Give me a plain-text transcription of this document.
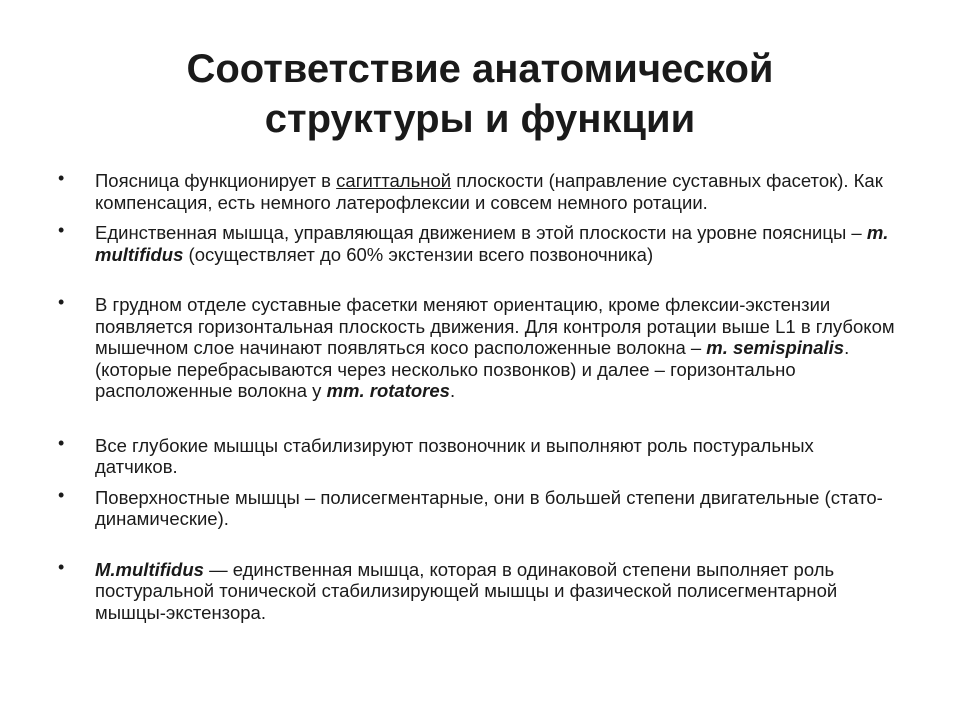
Соответствие анатомической
структуры и функции
• Поясница функционирует в сагиттальной плоскости (направление суставных фасеток). Как компенсация, есть немного латерофлексии и совсем немного ротации.
• Единственная мышца, управляющая движением в этой плоскости на уровне поясницы – m. multifidus (осуществляет до 60% экстензии всего позвоночника)
• В грудном отделе суставные фасетки меняют ориентацию, кроме флексии-экстензии появляется горизонтальная плоскость движения. Для контроля ротации выше L1 в глубоком мышечном слое начинают появляться косо расположенные волокна – m. semispinalis.(которые перебрасываются через несколько позвонков) и далее – горизонтально расположенные волокна у mm. rotatores.
• Все глубокие мышцы стабилизируют позвоночник и выполняют роль постуральных датчиков.
• Поверхностные мышцы – полисегментарные, они в большей степени двигательные (стато-динамические).
• M.multifidus — единственная мышца, которая в одинаковой степени выполняет роль постуральной тонической стабилизирующей мышцы и фазической полисегментарной мышцы-экстензора.
